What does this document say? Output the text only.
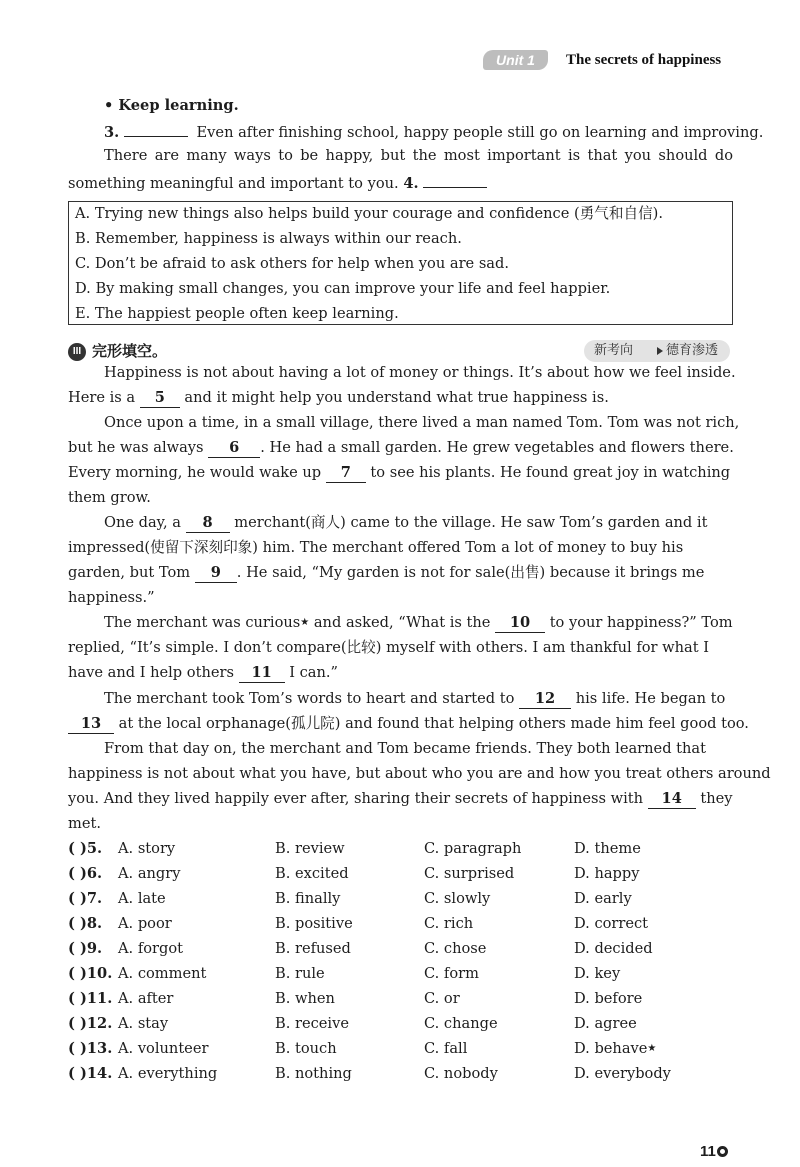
Unit 1	The secrets of happiness
• Keep learning.
3.	Even after finishing school, happy people still go on learning and improving.
There are many ways to be happy, but the most important is that you should do
something meaningful and important to you. 4.
A. Trying new things also helps build your courage and confidence (勇气和自信).
B. Remember, happiness is always within our reach.
C. Don’t be afraid to ask others for help when you are sad.
D. By making small changes, you can improve your life and feel happier.
E. The happiest people often keep learning.
III 完形填空。	新考向	德育渗透
Happiness is not about having a lot of money or things. It’s about how we feel inside.
Here is a 5 and it might help you understand what true happiness is.
Once upon a time, in a small village, there lived a man named Tom. Tom was not rich,
but he was always 6 . He had a small garden. He grew vegetables and flowers there.
Every morning, he would wake up 7 to see his plants. He found great joy in watching
them grow.
One day, a 8 merchant(商人) came to the village. He saw Tom’s garden and it
impressed(使留下深刻印象) him. The merchant offered Tom a lot of money to buy his
garden, but Tom 9 . He said, “My garden is not for sale(出售) because it brings me
happiness.”
The merchant was curious★ and asked, “What is the 10 to your happiness?” Tom
replied, “It’s simple. I don’t compare(比较) myself with others. I am thankful for what I
have and I help others 11 I can.”
The merchant took Tom’s words to heart and started to 12 his life. He began to
13 at the local orphanage(孤儿院) and found that helping others made him feel good too.
From that day on, the merchant and Tom became friends. They both learned that
happiness is not about what you have, but about who you are and how you treat others around
you. And they lived happily ever after, sharing their secrets of happiness with 14 they
met.
( )5. A. story	B. review	C. paragraph	D. theme
( )6. A. angry	B. excited	C. surprised	D. happy
( )7. A. late	B. finally	C. slowly	D. early
( )8. A. poor	B. positive	C. rich	D. correct
( )9. A. forgot	B. refused	C. chose	D. decided
( )10. A. comment	B. rule	C. form	D. key
( )11. A. after	B. when	C. or	D. before
( )12. A. stay	B. receive	C. change	D. agree
( )13. A. volunteer	B. touch	C. fall	D. behave★
( )14. A. everything	B. nothing	C. nobody	D. everybody
11
